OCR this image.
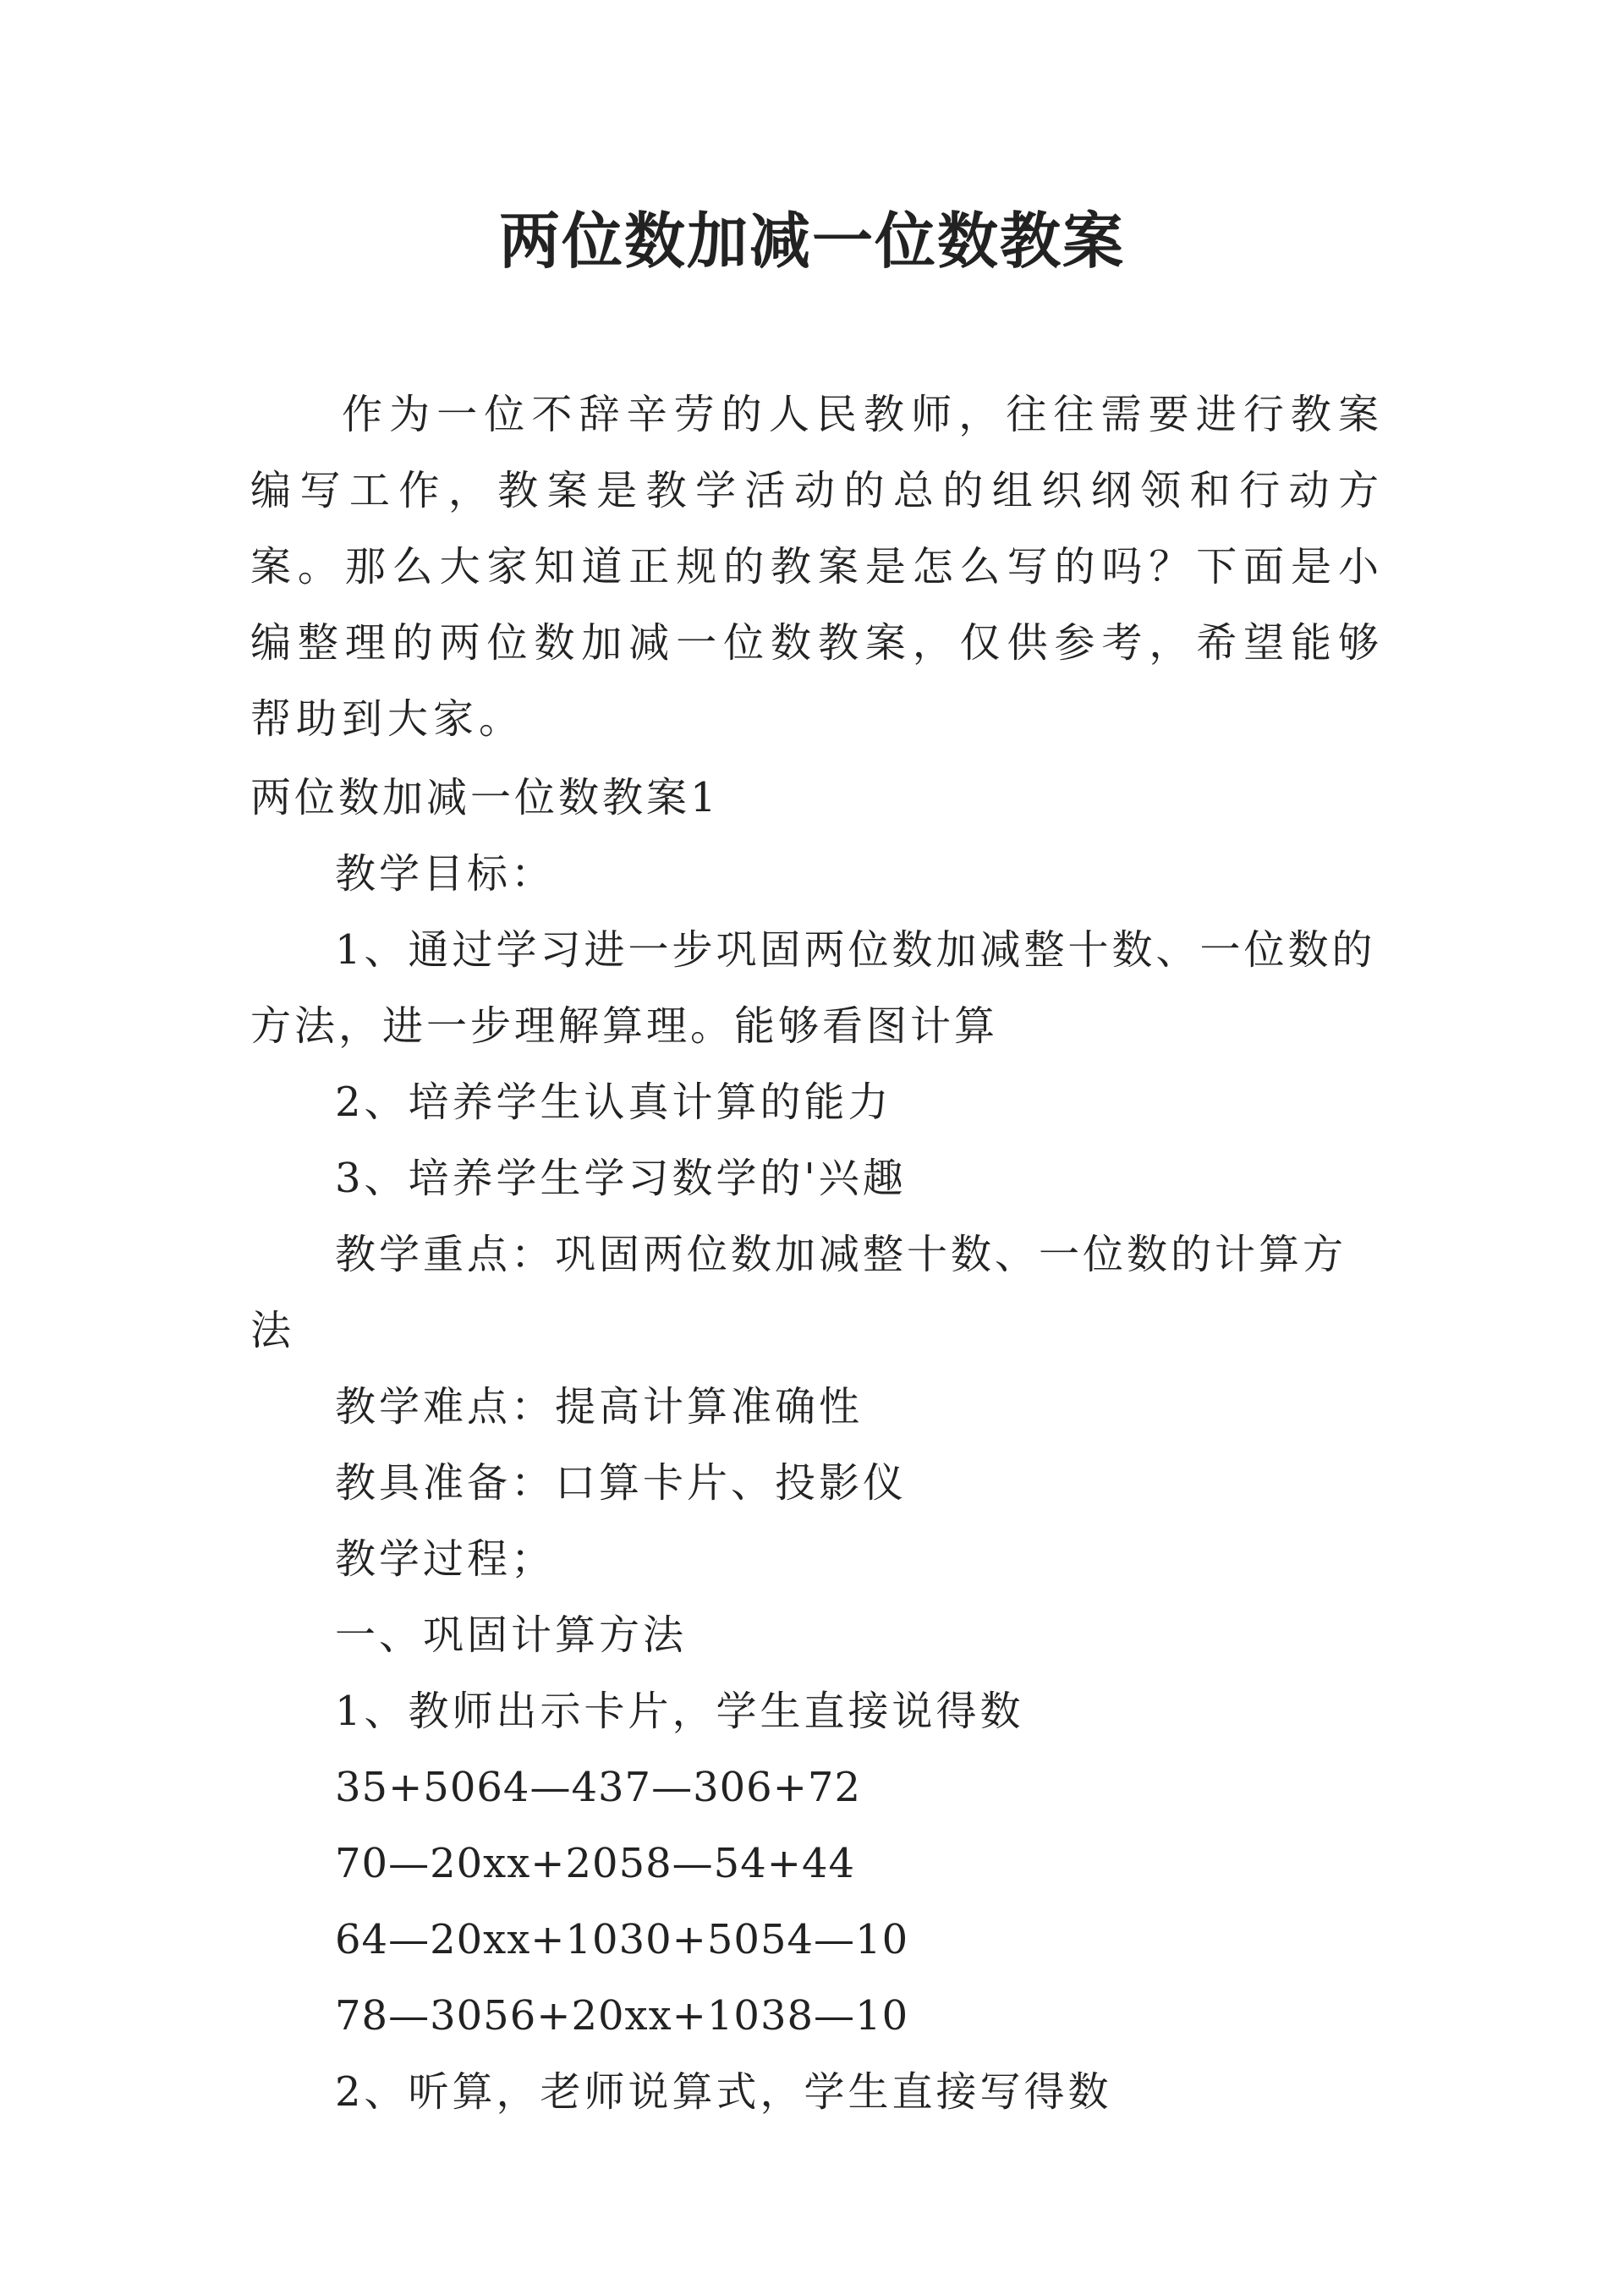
两位数加减一位数教案

作为一位不辞辛劳的人民教师，往往需要进行教案编写工作，教案是教学活动的总的组织纲领和行动方案。那么大家知道正规的教案是怎么写的吗？下面是小编整理的两位数加减一位数教案，仅供参考，希望能够帮助到大家。

两位数加减一位数教案1

教学目标：
1、通过学习进一步巩固两位数加减整十数、一位数的方法，进一步理解算理。能够看图计算
2、培养学生认真计算的能力
3、培养学生学习数学的'兴趣
教学重点：巩固两位数加减整十数、一位数的计算方法
教学难点：提高计算准确性
教具准备：口算卡片、投影仪
教学过程；
一、巩固计算方法
1、教师出示卡片，学生直接说得数
35+5064—437—306+72
70—20xx+2058—54+44
64—20xx+1030+5054—10
78—3056+20xx+1038—10
2、听算，老师说算式，学生直接写得数
